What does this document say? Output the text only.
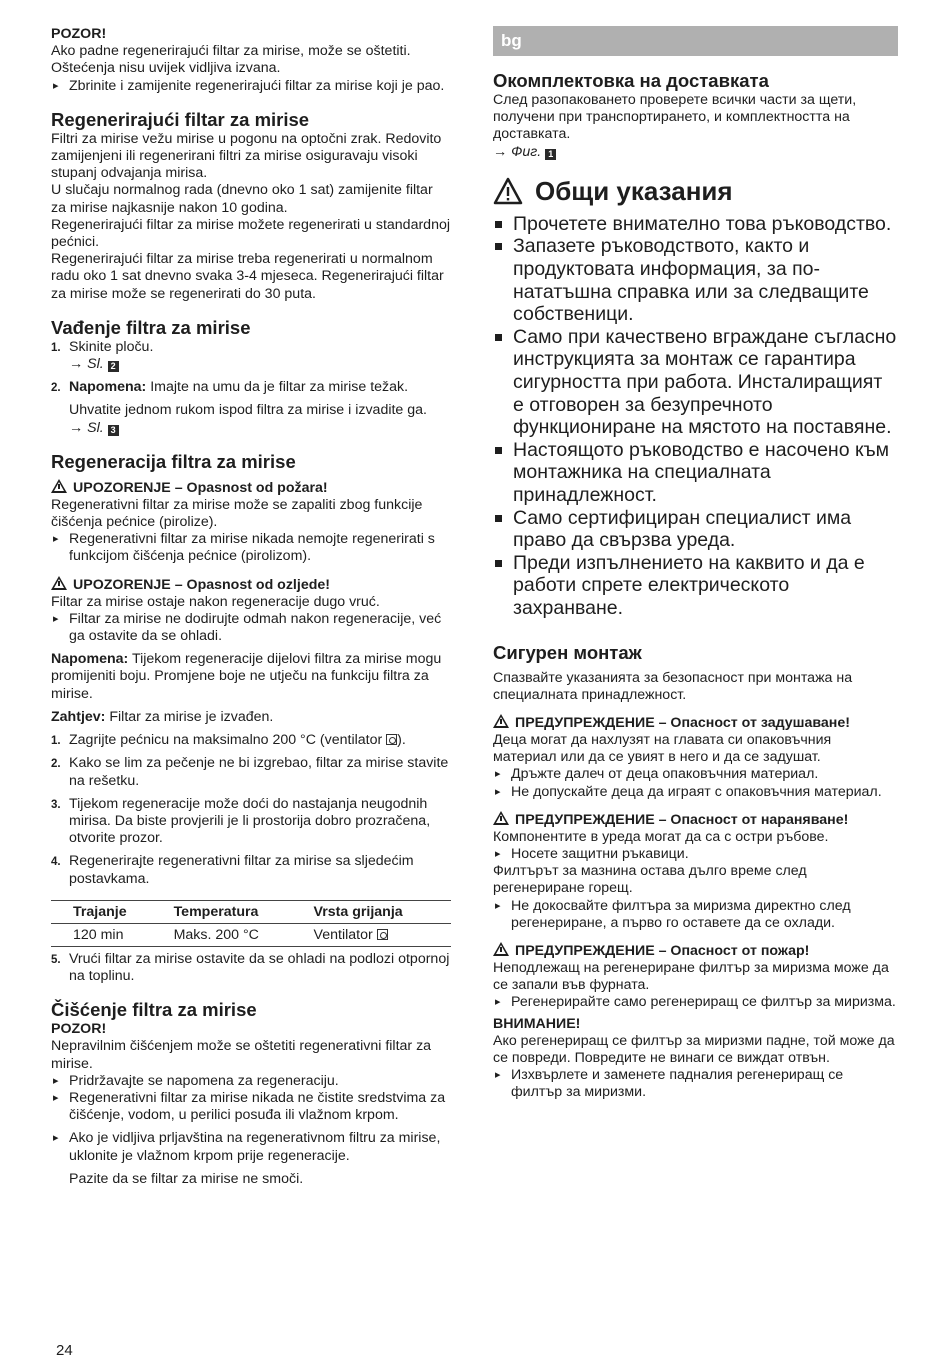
POZOR!
Ako padne regenerirajući filtar za mirise, može se oštetiti. Oštećenja nisu uvijek vidljiva izvana.
▸ Zbrinite i zamijenite regenerirajući filtar za mirise koji je pao.
Regenerirajući filtar za mirise
Filtri za mirise vežu mirise u pogonu na optočni zrak. Redovito zamijenjeni ili regenerirani filtri za mirise osiguravaju visoki stupanj odvajanja mirisa.
U slučaju normalnog rada (dnevno oko 1 sat) zamijenite filtar za mirise najkasnije nakon 10 godina.
Regenerirajući filtar za mirise možete regenerirati u standardnoj pećnici.
Regenerirajući filtar za mirise treba regenerirati u normalnom radu oko 1 sat dnevno svaka 3-4 mjeseca. Regenerirajući filtar za mirise može se regenerirati do 30 puta.
Vađenje filtra za mirise
1. Skinite ploču.
→ Sl. 2
2. Napomena: Imajte na umu da je filtar za mirise težak.
Uhvatite jednom rukom ispod filtra za mirise i izvadite ga.
→ Sl. 3
Regeneracija filtra za mirise
UPOZORENJE – Opasnost od požara!
Regenerativni filtar za mirise može se zapaliti zbog funkcije čišćenja pećnice (pirolize).
▸ Regenerativni filtar za mirise nikada nemojte regenerirati s funkcijom čišćenja pećnice (pirolizom).
UPOZORENJE – Opasnost od ozljede!
Filtar za mirise ostaje nakon regeneracije dugo vruć.
▸ Filtar za mirise ne dodirujte odmah nakon regeneracije, već ga ostavite da se ohladi.
Napomena: Tijekom regeneracije dijelovi filtra za mirise mogu promijeniti boju. Promjene boje ne utječu na funkciju filtra za mirise.
Zahtjev: Filtar za mirise je izvađen.
1. Zagrijte pećnicu na maksimalno 200 °C (ventilator ).
2. Kako se lim za pečenje ne bi izgrebao, filtar za mirise stavite na rešetku.
3. Tijekom regeneracije može doći do nastajanja neugodnih mirisa. Da biste provjerili je li prostorija dobro prozračena, otvorite prozor.
4. Regenerirajte regenerativni filtar za mirise sa sljedećim postavkama.
Trajanje	Temperatura	Vrsta grijanja
120 min	Maks. 200 °C	Ventilator
5. Vrući filtar za mirise ostavite da se ohladi na podlozi otpornoj na toplinu.
Čišćenje filtra za mirise
POZOR!
Nepravilnim čišćenjem može se oštetiti regenerativni filtar za mirise.
▸ Pridržavajte se napomena za regeneraciju.
▸ Regenerativni filtar za mirise nikada ne čistite sredstvima za čišćenje, vodom, u perilici posuđa ili vlažnom krpom.
▸ Ako je vidljiva prljavština na regenerativnom filtru za mirise, uklonite je vlažnom krpom prije regeneracije.
Pazite da se filtar za mirise ne smoči.
bg
Окомплектовка на доставката
След разопаковането проверете всички части за щети, получени при транспортирането, и комплектността на доставката.
→ Фиг. 1
Общи указания
Прочетете внимателно това ръководство.
Запазете ръководството, както и продуктовата информация, за по-нататъшна справка или за следващите собственици.
Само при качествено вграждане съгласно инструкцията за монтаж се гарантира сигурността при работа. Инсталиращият е отговорен за безупречното функциониране на мястото на поставяне.
Настоящото ръководство е насочено към монтажника на специалната принадлежност.
Само сертифициран специалист има право да свързва уреда.
Преди изпълнението на каквито и да е работи спрете електрическото захранване.
Сигурен монтаж
Спазвайте указанията за безопасност при монтажа на специалната принадлежност.
ПРЕДУПРЕЖДЕНИЕ – Опасност от задушаване!
Деца могат да нахлузят на главата си опаковъчния материал или да се увият в него и да се задушат.
▸ Дръжте далеч от деца опаковъчния материал.
▸ Не допускайте деца да играят с опаковъчния материал.
ПРЕДУПРЕЖДЕНИЕ – Опасност от нараняване!
Компонентите в уреда могат да са с остри ръбове.
▸ Носете защитни ръкавици.
Филтърът за мазнина остава дълго време след регенериране горещ.
▸ Не докосвайте филтъра за миризма директно след регенериране, а първо го оставете да се охлади.
ПРЕДУПРЕЖДЕНИЕ – Опасност от пожар!
Неподлежащ на регенериране филтър за миризма може да се запали във фурната.
▸ Регенерирайте само регенериращ се филтър за миризма.
ВНИМАНИЕ!
Ако регенериращ се филтър за миризми падне, той може да се повреди. Повредите не винаги се виждат отвън.
▸ Изхвърлете и заменете падналия регенериращ се филтър за миризми.
24
